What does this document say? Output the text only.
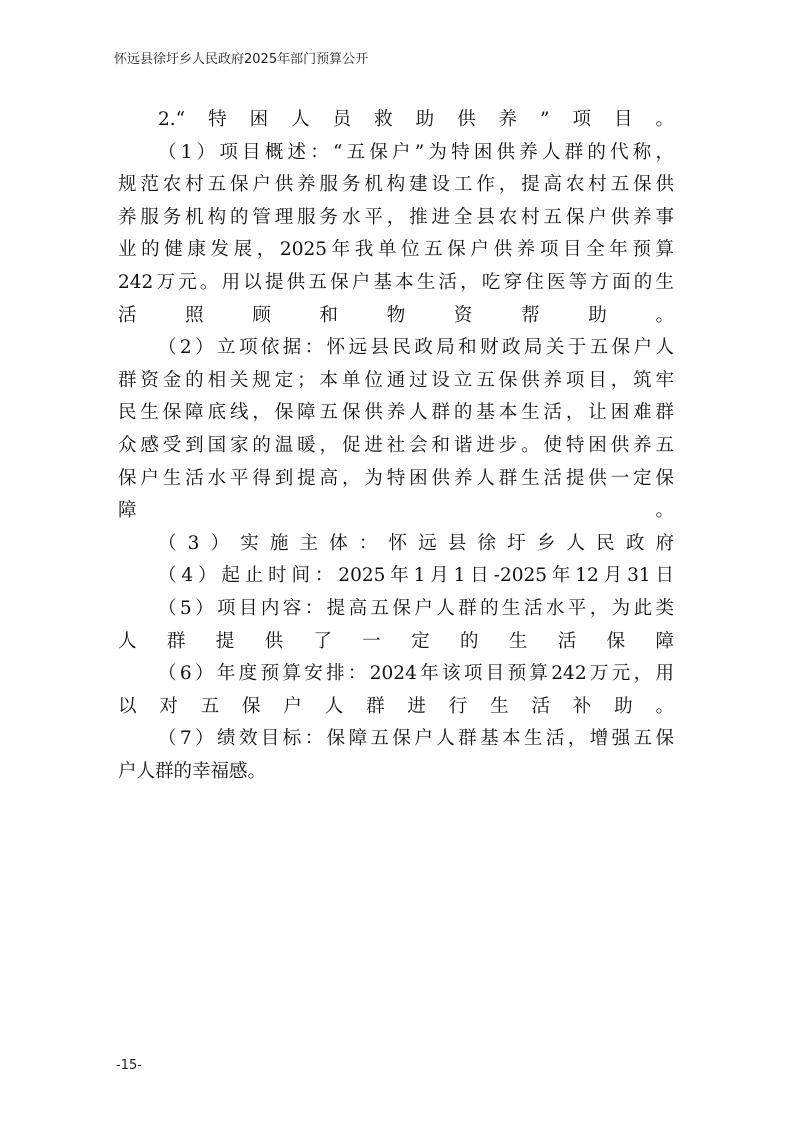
怀远县徐圩乡人民政府2025年部门预算公开
2.“特困人员救助供养”项目。
（1）项目概述：“五保户”为特困供养人群的代称，
规范农村五保户供养服务机构建设工作，提高农村五保供
养服务机构的管理服务水平，推进全县农村五保户供养事
业的健康发展，2025年我单位五保户供养项目全年预算
242万元。用以提供五保户基本生活，吃穿住医等方面的生
活照顾和物资帮助。
（2）立项依据：怀远县民政局和财政局关于五保户人
群资金的相关规定；本单位通过设立五保供养项目，筑牢
民生保障底线，保障五保供养人群的基本生活，让困难群
众感受到国家的温暖，促进社会和谐进步。使特困供养五
保户生活水平得到提高，为特困供养人群生活提供一定保
障。
（3）实施主体：怀远县徐圩乡人民政府
（4）起止时间：2025年1月1日-2025年12月31日
（5）项目内容：提高五保户人群的生活水平，为此类
人群提供了一定的生活保障
（6）年度预算安排：2024年该项目预算242万元，用
以对五保户人群进行生活补助。
（7）绩效目标：保障五保户人群基本生活，增强五保
户人群的幸福感。
-15-
